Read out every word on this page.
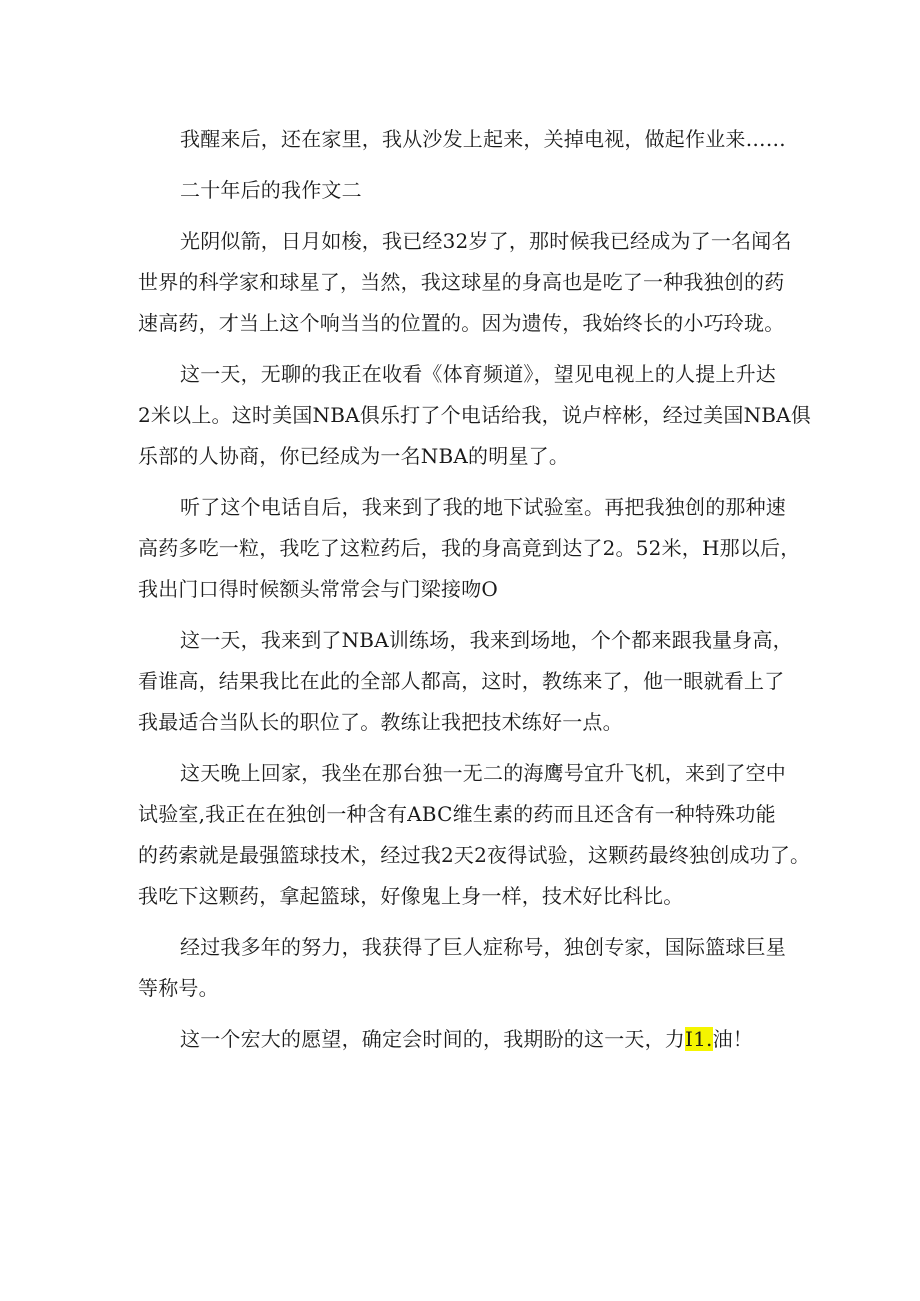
我醒来后，还在家里，我从沙发上起来，关掉电视，做起作业来……
二十年后的我作文二
光阴似箭，日月如梭，我已经32岁了，那时候我已经成为了一名闻名
世界的科学家和球星了，当然，我这球星的身高也是吃了一种我独创的药
速高药，才当上这个响当当的位置的。因为遗传，我始终长的小巧玲珑。
这一天，无聊的我正在收看《体育频道》，望见电视上的人提上升达
2米以上。这时美国NBA俱乐打了个电话给我，说卢梓彬，经过美国NBA俱
乐部的人协商，你已经成为一名NBA的明星了。
听了这个电话自后，我来到了我的地下试验室。再把我独创的那种速
高药多吃一粒，我吃了这粒药后，我的身高竟到达了2。52米，H那以后，
我出门口得时候额头常常会与门梁接吻O
这一天，我来到了NBA训练场，我来到场地，个个都来跟我量身高，
看谁高，结果我比在此的全部人都高，这时，教练来了，他一眼就看上了
我最适合当队长的职位了。教练让我把技术练好一点。
这天晚上回家，我坐在那台独一无二的海鹰号宜升飞机，来到了空中
试验室,我正在在独创一种含有ABC维生素的药而且还含有一种特殊功能
的药索就是最强篮球技术，经过我2天2夜得试验，这颗药最终独创成功了。
我吃下这颗药，拿起篮球，好像鬼上身一样，技术好比科比。
经过我多年的努力，我获得了巨人症称号，独创专家，国际篮球巨星
等称号。
这一个宏大的愿望，确定会时间的，我期盼的这一天，力I1.油！
